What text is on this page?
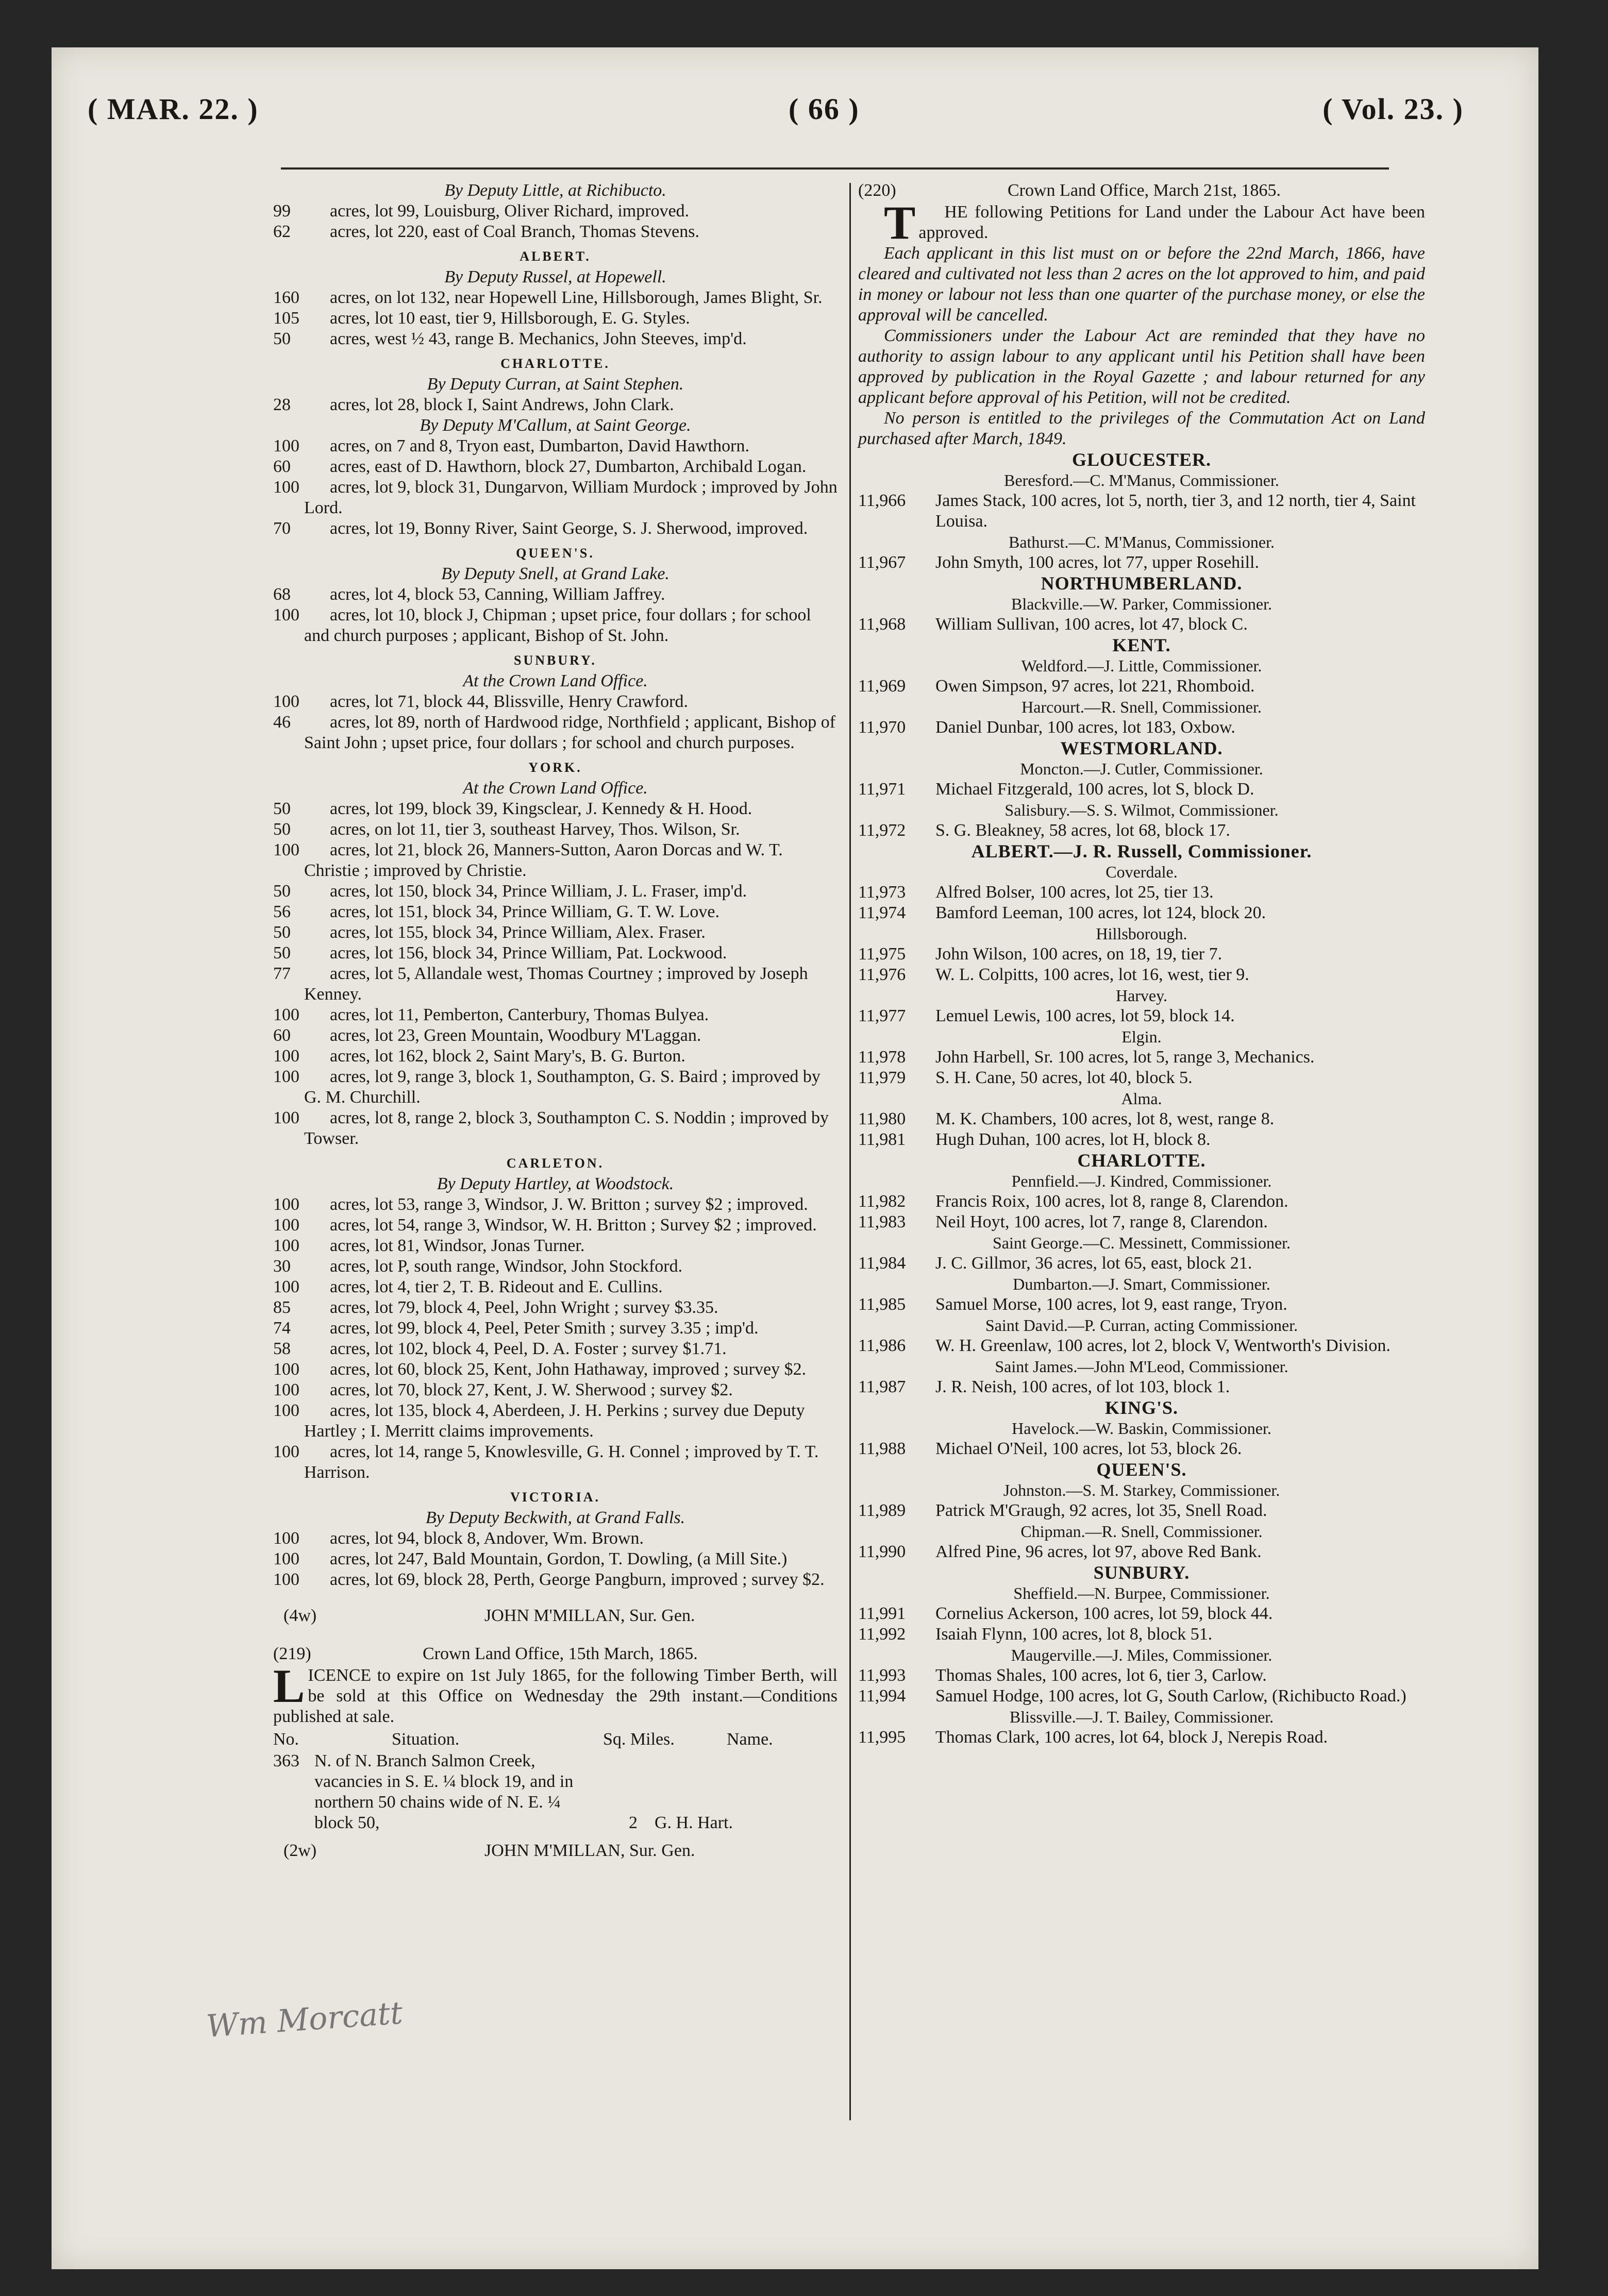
( MAR. 22. )	( 66 )	( Vol. 23. )
Wm Morcatt
By Deputy Little, at Richibucto.
99 acres, lot 99, Louisburg, Oliver Richard, improved.
62 acres, lot 220, east of Coal Branch, Thomas Stevens.
ALBERT.
By Deputy Russel, at Hopewell.
160 acres, on lot 132, near Hopewell Line, Hillsborough, James Blight, Sr.
105 acres, lot 10 east, tier 9, Hillsborough, E. G. Styles.
50 acres, west ½ 43, range B. Mechanics, John Steeves, imp'd.
CHARLOTTE.
By Deputy Curran, at Saint Stephen.
28 acres, lot 28, block I, Saint Andrews, John Clark.
By Deputy M'Callum, at Saint George.
100 acres, on 7 and 8, Tryon east, Dumbarton, David Hawthorn.
60 acres, east of D. Hawthorn, block 27, Dumbarton, Archibald Logan.
100 acres, lot 9, block 31, Dungarvon, William Murdock ; improved by John Lord.
70 acres, lot 19, Bonny River, Saint George, S. J. Sherwood, improved.
QUEEN'S.
By Deputy Snell, at Grand Lake.
68 acres, lot 4, block 53, Canning, William Jaffrey.
100 acres, lot 10, block J, Chipman ; upset price, four dollars ; for school and church purposes ; applicant, Bishop of St. John.
SUNBURY.
At the Crown Land Office.
100 acres, lot 71, block 44, Blissville, Henry Crawford.
46 acres, lot 89, north of Hardwood ridge, Northfield ; applicant, Bishop of Saint John ; upset price, four dollars ; for school and church purposes.
YORK.
At the Crown Land Office.
50 acres, lot 199, block 39, Kingsclear, J. Kennedy & H. Hood.
50 acres, on lot 11, tier 3, southeast Harvey, Thos. Wilson, Sr.
100 acres, lot 21, block 26, Manners-Sutton, Aaron Dorcas and W. T. Christie ; improved by Christie.
50 acres, lot 150, block 34, Prince William, J. L. Fraser, imp'd.
56 acres, lot 151, block 34, Prince William, G. T. W. Love.
50 acres, lot 155, block 34, Prince William, Alex. Fraser.
50 acres, lot 156, block 34, Prince William, Pat. Lockwood.
77 acres, lot 5, Allandale west, Thomas Courtney ; improved by Joseph Kenney.
100 acres, lot 11, Pemberton, Canterbury, Thomas Bulyea.
60 acres, lot 23, Green Mountain, Woodbury M'Laggan.
100 acres, lot 162, block 2, Saint Mary's, B. G. Burton.
100 acres, lot 9, range 3, block 1, Southampton, G. S. Baird ; improved by G. M. Churchill.
100 acres, lot 8, range 2, block 3, Southampton C. S. Noddin ; improved by Towser.
CARLETON.
By Deputy Hartley, at Woodstock.
100 acres, lot 53, range 3, Windsor, J. W. Britton ; survey $2 ; improved.
100 acres, lot 54, range 3, Windsor, W. H. Britton ; Survey $2 ; improved.
100 acres, lot 81, Windsor, Jonas Turner.
30 acres, lot P, south range, Windsor, John Stockford.
100 acres, lot 4, tier 2, T. B. Rideout and E. Cullins.
85 acres, lot 79, block 4, Peel, John Wright ; survey $3.35.
74 acres, lot 99, block 4, Peel, Peter Smith ; survey 3.35 ; imp'd.
58 acres, lot 102, block 4, Peel, D. A. Foster ; survey $1.71.
100 acres, lot 60, block 25, Kent, John Hathaway, improved ; survey $2.
100 acres, lot 70, block 27, Kent, J. W. Sherwood ; survey $2.
100 acres, lot 135, block 4, Aberdeen, J. H. Perkins ; survey due Deputy Hartley ; I. Merritt claims improvements.
100 acres, lot 14, range 5, Knowlesville, G. H. Connel ; improved by T. T. Harrison.
VICTORIA.
By Deputy Beckwith, at Grand Falls.
100 acres, lot 94, block 8, Andover, Wm. Brown.
100 acres, lot 247, Bald Mountain, Gordon, T. Dowling, (a Mill Site.)
100 acres, lot 69, block 28, Perth, George Pangburn, improved ; survey $2.
(4w)	JOHN M'MILLAN, Sur. Gen.
(219)	Crown Land Office, 15th March, 1865.
LICENCE to expire on 1st July 1865, for the following Timber Berth, will be sold at this Office on Wednesday the 29th instant.—Conditions published at sale.
No.	Situation.	Sq. Miles.	Name.
363 N. of N. Branch Salmon Creek, vacancies in S. E. ¼ block 19, and in northern 50 chains wide of N. E. ¼ block 50,	2 G. H. Hart.
(2w)	JOHN M'MILLAN, Sur. Gen.
(220)	Crown Land Office, March 21st, 1865.

T HE following Petitions for Land under the Labour Act have been approved.

Each applicant in this list must on or before the 22nd March, 1866, have cleared and cultivated not less than 2 acres on the lot approved to him, and paid in money or labour not less than one quarter of the purchase money, or else the approval will be cancelled.

Commissioners under the Labour Act are reminded that they have no authority to assign labour to any applicant until his Petition shall have been approved by publication in the Royal Gazette ; and labour returned for any applicant before approval of his Petition, will not be credited.

No person is entitled to the privileges of the Commutation Act on Land purchased after March, 1849.

GLOUCESTER.
Beresford.—C. M'Manus, Commissioner.
11,966 James Stack, 100 acres, lot 5, north, tier 3, and 12 north, tier 4, Saint Louisa.
Bathurst.—C. M'Manus, Commissioner.
11,967 John Smyth, 100 acres, lot 77, upper Rosehill.
NORTHUMBERLAND.
Blackville.—W. Parker, Commissioner.
11,968 William Sullivan, 100 acres, lot 47, block C.
KENT.
Weldford.—J. Little, Commissioner.
11,969 Owen Simpson, 97 acres, lot 221, Rhomboid.
Harcourt.—R. Snell, Commissioner.
11,970 Daniel Dunbar, 100 acres, lot 183, Oxbow.
WESTMORLAND.
Moncton.—J. Cutler, Commissioner.
11,971 Michael Fitzgerald, 100 acres, lot S, block D.
Salisbury.—S. S. Wilmot, Commissioner.
11,972 S. G. Bleakney, 58 acres, lot 68, block 17.
ALBERT.—J. R. Russell, Commissioner.
Coverdale.
11,973 Alfred Bolser, 100 acres, lot 25, tier 13.
11,974 Bamford Leeman, 100 acres, lot 124, block 20.
Hillsborough.
11,975 John Wilson, 100 acres, on 18, 19, tier 7.
11,976 W. L. Colpitts, 100 acres, lot 16, west, tier 9.
Harvey.
11,977 Lemuel Lewis, 100 acres, lot 59, block 14.
Elgin.
11,978 John Harbell, Sr. 100 acres, lot 5, range 3, Mechanics.
11,979 S. H. Cane, 50 acres, lot 40, block 5.
Alma.
11,980 M. K. Chambers, 100 acres, lot 8, west, range 8.
11,981 Hugh Duhan, 100 acres, lot H, block 8.
CHARLOTTE.
Pennfield.—J. Kindred, Commissioner.
11,982 Francis Roix, 100 acres, lot 8, range 8, Clarendon.
11,983 Neil Hoyt, 100 acres, lot 7, range 8, Clarendon.
Saint George.—C. Messinett, Commissioner.
11,984 J. C. Gillmor, 36 acres, lot 65, east, block 21.
Dumbarton.—J. Smart, Commissioner.
11,985 Samuel Morse, 100 acres, lot 9, east range, Tryon.
Saint David.—P. Curran, acting Commissioner.
11,986 W. H. Greenlaw, 100 acres, lot 2, block V, Wentworth's Division.
Saint James.—John M'Leod, Commissioner.
11,987 J. R. Neish, 100 acres, of lot 103, block 1.
KING'S.
Havelock.—W. Baskin, Commissioner.
11,988 Michael O'Neil, 100 acres, lot 53, block 26.
QUEEN'S.
Johnston.—S. M. Starkey, Commissioner.
11,989 Patrick M'Graugh, 92 acres, lot 35, Snell Road.
Chipman.—R. Snell, Commissioner.
11,990 Alfred Pine, 96 acres, lot 97, above Red Bank.
SUNBURY.
Sheffield.—N. Burpee, Commissioner.
11,991 Cornelius Ackerson, 100 acres, lot 59, block 44.
11,992 Isaiah Flynn, 100 acres, lot 8, block 51.
Maugerville.—J. Miles, Commissioner.
11,993 Thomas Shales, 100 acres, lot 6, tier 3, Carlow.
11,994 Samuel Hodge, 100 acres, lot G, South Carlow, (Richibucto Road.)
Blissville.—J. T. Bailey, Commissioner.
11,995 Thomas Clark, 100 acres, lot 64, block J, Nerepis Road.
